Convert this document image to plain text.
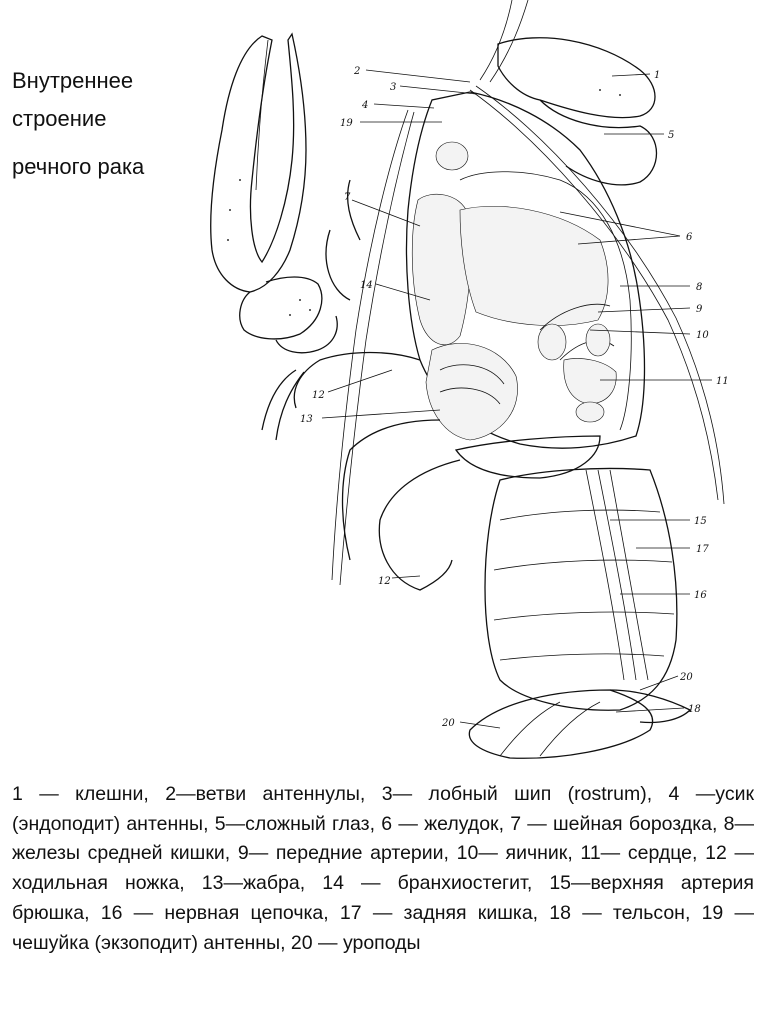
Внутреннее
строение
речного рака
2
3
4
19
1
5
6
7
8
9
10
11
14
12
13
12
15
17
16
20
18
20
1 — клешни, 2—ветви антеннулы, 3— лобный шип (rostrum), 4 —усик (эндоподит) антенны, 5—сложный глаз, 6 — желудок, 7 — шейная бороздка, 8— железы средней кишки, 9— передние артерии, 10— яичник, 11— сердце, 12 — ходильная ножка, 13—жабра, 14 — бранхиостегит, 15—верхняя артерия брюшка, 16 — нервная цепочка, 17 — задняя кишка, 18 — тельсон, 19 — чешуйка (экзоподит) антенны, 20 — уроподы
